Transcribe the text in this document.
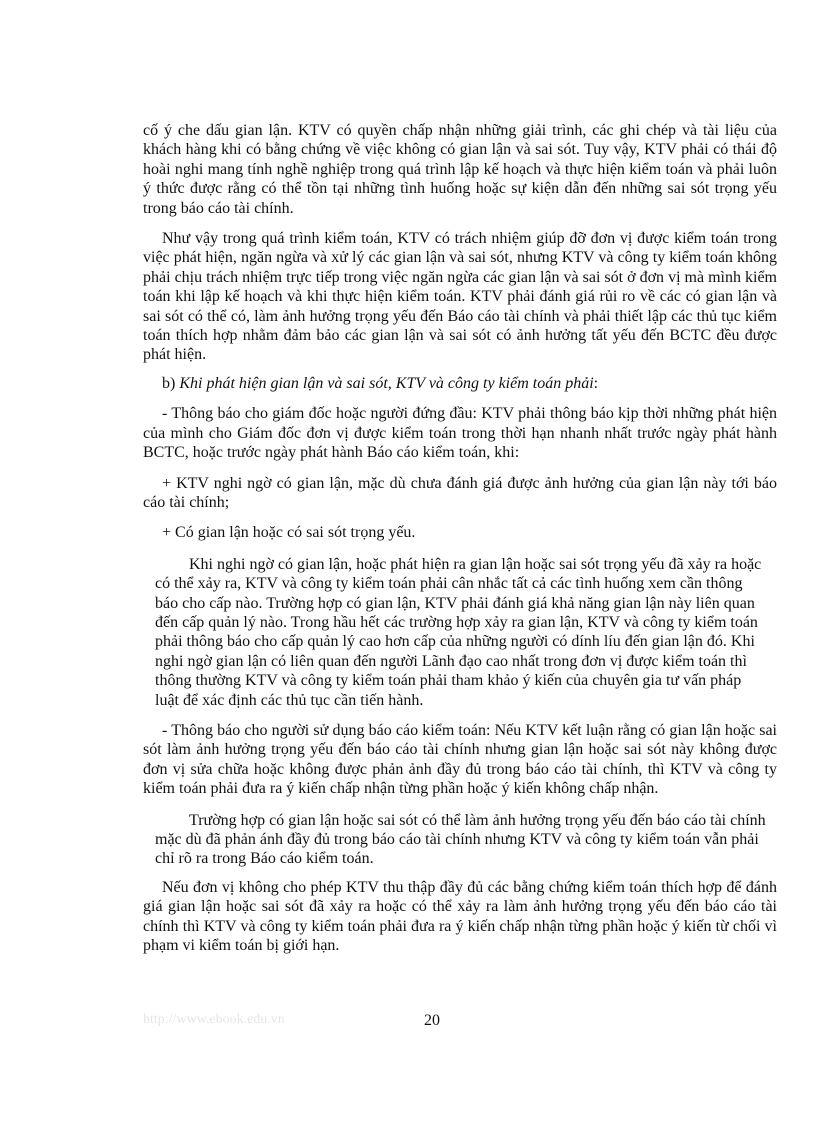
cố ý che dấu gian lận. KTV có quyền chấp nhận những giải trình, các ghi chép và tài liệu của khách hàng khi có bằng chứng về việc không có gian lận và sai sót. Tuy vậy, KTV phải có thái độ hoài nghi mang tính nghề nghiệp trong quá trình lập kế hoạch và thực hiện kiểm toán và phải luôn ý thức được rằng có thể tồn tại những tình huống hoặc sự kiện dẫn đến những sai sót trọng yếu trong báo cáo tài chính.

Như vậy trong quá trình kiểm toán, KTV có trách nhiệm giúp đỡ đơn vị được kiểm toán trong việc phát hiện, ngăn ngừa và xử lý các gian lận và sai sót, nhưng KTV và công ty kiểm toán không phải chịu trách nhiệm trực tiếp trong việc ngăn ngừa các gian lận và sai sót ở đơn vị mà mình kiểm toán khi lập kế hoạch và khi thực hiện kiểm toán. KTV phải đánh giá rủi ro về các có gian lận và sai sót có thể có, làm ảnh hưởng trọng yếu đến Báo cáo tài chính và phải thiết lập các thủ tục kiểm toán thích hợp nhằm đảm bảo các gian lận và sai sót có ảnh hưởng tất yếu đến BCTC đều được phát hiện.

b) Khi phát hiện gian lận và sai sót, KTV và công ty kiểm toán phải:

- Thông báo cho giám đốc hoặc người đứng đầu: KTV phải thông báo kịp thời những phát hiện của mình cho Giám đốc đơn vị được kiểm toán trong thời hạn nhanh nhất trước ngày phát hành BCTC, hoặc trước ngày phát hành Báo cáo kiểm toán, khi:

+ KTV nghi ngờ có gian lận, mặc dù chưa đánh giá được ảnh hưởng của gian lận này tới báo cáo tài chính;

+ Có gian lận hoặc có sai sót trọng yếu.

Khi nghi ngờ có gian lận, hoặc phát hiện ra gian lận hoặc sai sót trọng yếu đã xảy ra hoặc có thể xảy ra, KTV và công ty kiểm toán phải cân nhắc tất cả các tình huống xem cần thông báo cho cấp nào. Trường hợp có gian lận, KTV phải đánh giá khả năng gian lận này liên quan đến cấp quản lý nào. Trong hầu hết các trường hợp xảy ra gian lận, KTV và công ty kiểm toán phải thông báo cho cấp quản lý cao hơn cấp của những người có dính líu đến gian lận đó. Khi nghi ngờ gian lận có liên quan đến người Lãnh đạo cao nhất trong đơn vị được kiểm toán thì thông thường KTV và công ty kiểm toán phải tham khảo ý kiến của chuyên gia tư vấn pháp luật để xác định các thủ tục cần tiến hành.

- Thông báo cho người sử dụng báo cáo kiểm toán: Nếu KTV kết luận rằng có gian lận hoặc sai sót làm ảnh hưởng trọng yếu đến báo cáo tài chính nhưng gian lận hoặc sai sót này không được đơn vị sửa chữa hoặc không được phản ảnh đầy đủ trong báo cáo tài chính, thì KTV và công ty kiểm toán phải đưa ra ý kiến chấp nhận từng phần hoặc ý kiến không chấp nhận.

Trường hợp có gian lận hoặc sai sót có thể làm ảnh hưởng trọng yếu đến báo cáo tài chính mặc dù đã phản ánh đầy đủ trong báo cáo tài chính nhưng KTV và công ty kiểm toán vẫn phải chỉ rõ ra trong Báo cáo kiểm toán.

Nếu đơn vị không cho phép KTV thu thập đầy đủ các bằng chứng kiểm toán thích hợp để đánh giá gian lận hoặc sai sót đã xảy ra hoặc có thể xảy ra làm ảnh hưởng trọng yếu đến báo cáo tài chính thì KTV và công ty kiểm toán phải đưa ra ý kiến chấp nhận từng phần hoặc ý kiến từ chối vì phạm vi kiểm toán bị giới hạn.

http://www.ebook.edu.vn	20
